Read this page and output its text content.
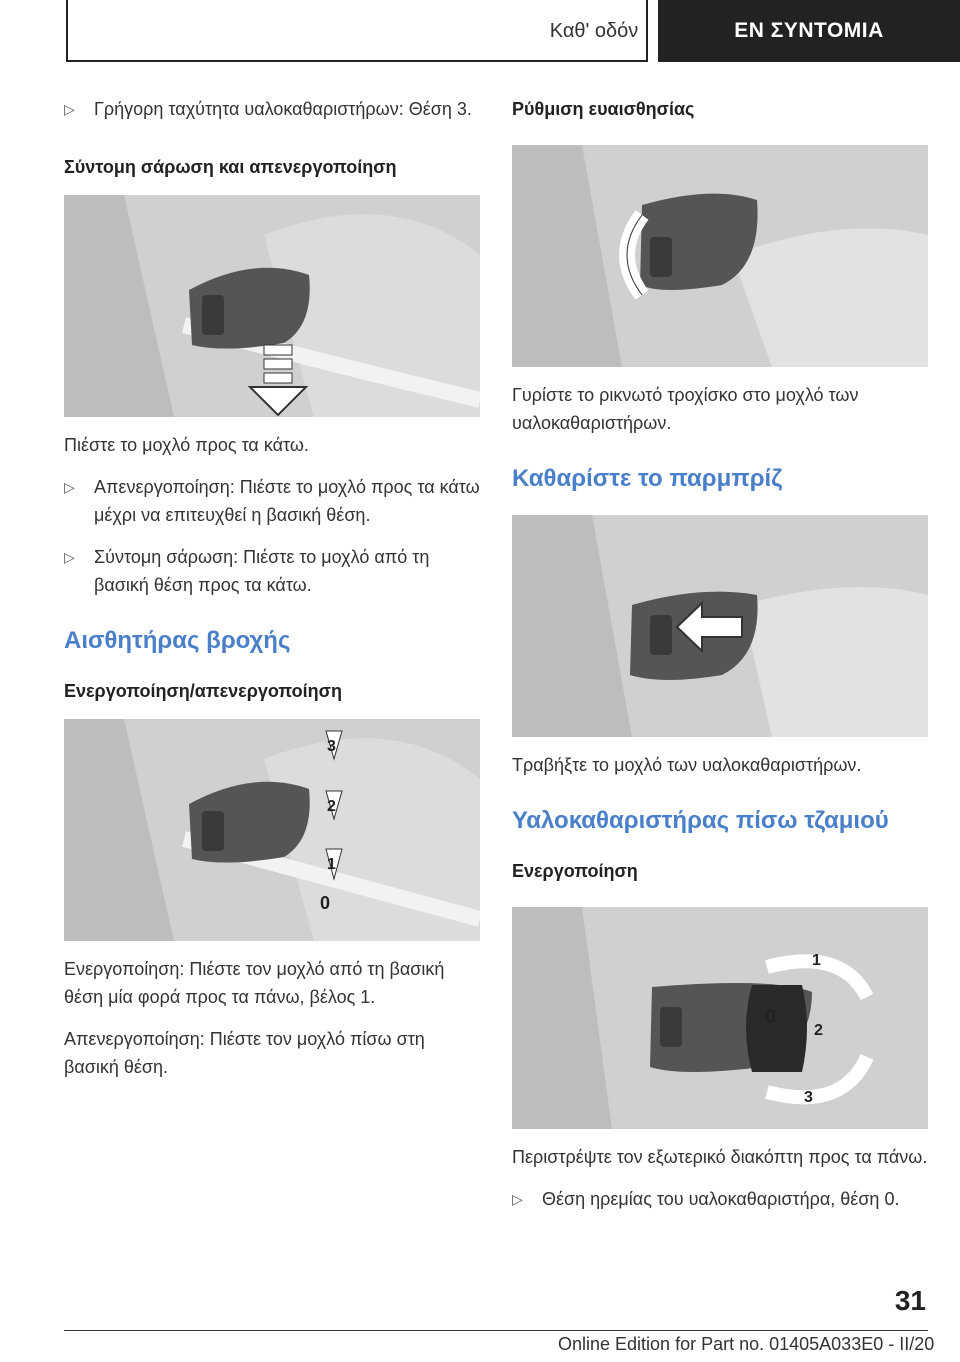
Καθ' οδόν	ΕΝ ΣΥΝΤΟΜΙΑ
▷ Γρήγορη ταχύτητα υαλοκαθαριστήρων: Θέση 3.
Σύντομη σάρωση και απενεργοποίηση

Πιέστε το μοχλό προς τα κάτω.

▷ Απενεργοποίηση: Πιέστε το μοχλό προς τα κάτω μέχρι να επιτευχθεί η βασική θέση.
▷ Σύντομη σάρωση: Πιέστε το μοχλό από τη βασική θέση προς τα κάτω.
Αισθητήρας βροχής
Ενεργοποίηση/απενεργοποίηση
3
2
1
0

Ενεργοποίηση: Πιέστε τον μοχλό από τη βασική θέση μία φορά προς τα πάνω, βέλος 1.

Απενεργοποίηση: Πιέστε τον μοχλό πίσω στη βασική θέση.

Ρύθμιση ευαισθησίας

Γυρίστε το ρικνωτό τροχίσκο στο μοχλό των υαλοκαθαριστήρων.

Καθαρίστε το παρμπρίζ

Τραβήξτε το μοχλό των υαλοκαθαριστήρων.

Υαλοκαθαριστήρας πίσω τζαμιού
Ενεργοποίηση
1
0
2
3

Περιστρέψτε τον εξωτερικό διακόπτη προς τα πάνω.

▷ Θέση ηρεμίας του υαλοκαθαριστήρα, θέση 0.
31
Online Edition for Part no. 01405A033E0 - II/20
